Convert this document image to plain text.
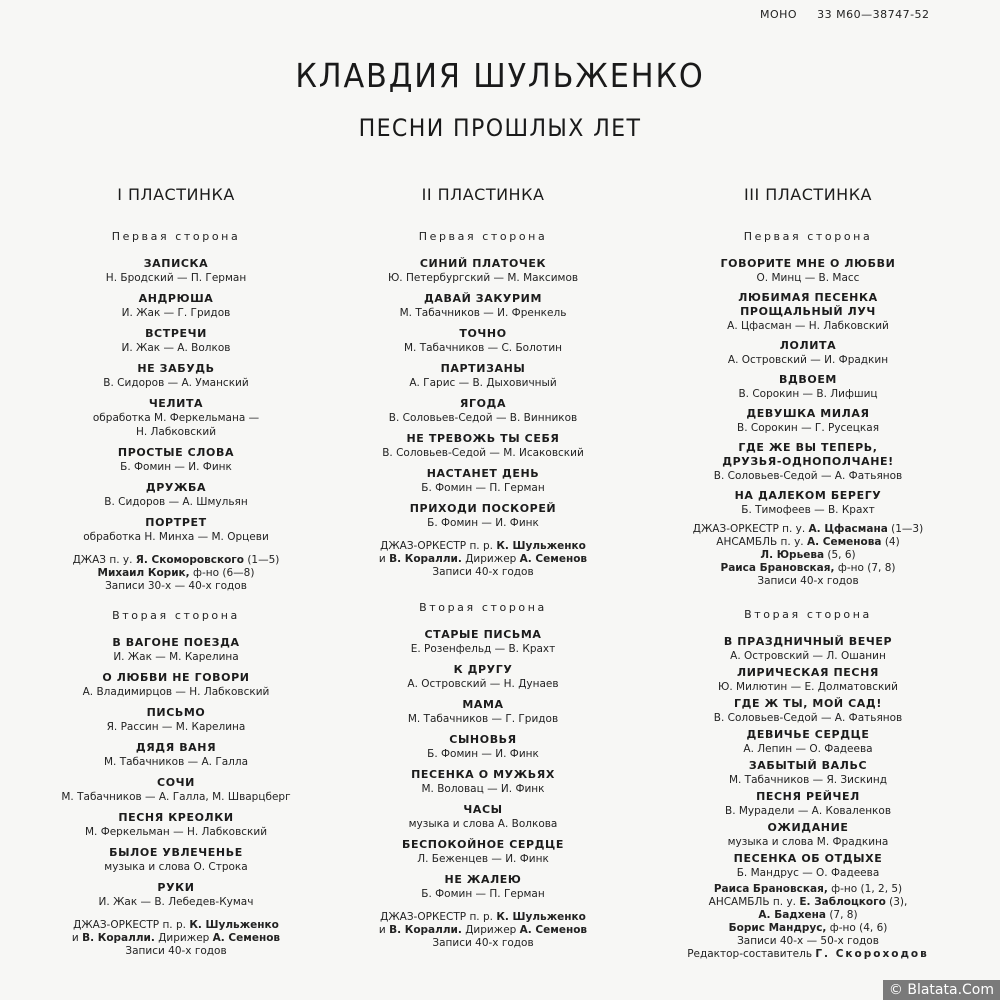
МОНО 33 М60—38747-52
КЛАВДИЯ ШУЛЬЖЕНКО
ПЕСНИ ПРОШЛЫХ ЛЕТ
I ПЛАСТИНКА
Первая сторона
ЗАПИСКА
Н. Бродский — П. Герман
АНДРЮША
И. Жак — Г. Гридов
ВСТРЕЧИ
И. Жак — А. Волков
НЕ ЗАБУДЬ
В. Сидоров — А. Уманский
ЧЕЛИТА
обработка М. Феркельмана —
Н. Лабковский
ПРОСТЫЕ СЛОВА
Б. Фомин — И. Финк
ДРУЖБА
В. Сидоров — А. Шмульян
ПОРТРЕТ
обработка Н. Минха — М. Орцеви
ДЖАЗ п. у. Я. Скоморовского (1—5)
Михаил Корик, ф-но (6—8)
Записи 30-х — 40-х годов
Вторая сторона
В ВАГОНЕ ПОЕЗДА
И. Жак — М. Карелина
О ЛЮБВИ НЕ ГОВОРИ
А. Владимирцов — Н. Лабковский
ПИСЬМО
Я. Рассин — М. Карелина
ДЯДЯ ВАНЯ
М. Табачников — А. Галла
СОЧИ
М. Табачников — А. Галла, М. Шварцберг
ПЕСНЯ КРЕОЛКИ
М. Феркельман — Н. Лабковский
БЫЛОЕ УВЛЕЧЕНЬЕ
музыка и слова О. Строка
РУКИ
И. Жак — В. Лебедев-Кумач
ДЖАЗ-ОРКЕСТР п. р. К. Шульженко
и В. Коралли. Дирижер А. Семенов
Записи 40-х годов
II ПЛАСТИНКА
Первая сторона
СИНИЙ ПЛАТОЧЕК
Ю. Петербургский — М. Максимов
ДАВАЙ ЗАКУРИМ
М. Табачников — И. Френкель
ТОЧНО
М. Табачников — С. Болотин
ПАРТИЗАНЫ
А. Гарис — В. Дыховичный
ЯГОДА
В. Соловьев-Седой — В. Винников
НЕ ТРЕВОЖЬ ТЫ СЕБЯ
В. Соловьев-Седой — М. Исаковский
НАСТАНЕТ ДЕНЬ
Б. Фомин — П. Герман
ПРИХОДИ ПОСКОРЕЙ
Б. Фомин — И. Финк
ДЖАЗ-ОРКЕСТР п. р. К. Шульженко
и В. Коралли. Дирижер А. Семенов
Записи 40-х годов
Вторая сторона
СТАРЫЕ ПИСЬМА
Е. Розенфельд — В. Крахт
К ДРУГУ
А. Островский — Н. Дунаев
МАМА
М. Табачников — Г. Гридов
СЫНОВЬЯ
Б. Фомин — И. Финк
ПЕСЕНКА О МУЖЬЯХ
М. Воловац — И. Финк
ЧАСЫ
музыка и слова А. Волкова
БЕСПОКОЙНОЕ СЕРДЦЕ
Л. Беженцев — И. Финк
НЕ ЖАЛЕЮ
Б. Фомин — П. Герман
ДЖАЗ-ОРКЕСТР п. р. К. Шульженко
и В. Коралли. Дирижер А. Семенов
Записи 40-х годов
III ПЛАСТИНКА
Первая сторона
ГОВОРИТЕ МНЕ О ЛЮБВИ
О. Минц — В. Масс
ЛЮБИМАЯ ПЕСЕНКА
ПРОЩАЛЬНЫЙ ЛУЧ
А. Цфасман — Н. Лабковский
ЛОЛИТА
А. Островский — И. Фрадкин
ВДВОЕМ
В. Сорокин — В. Лифшиц
ДЕВУШКА МИЛАЯ
В. Сорокин — Г. Русецкая
ГДЕ ЖЕ ВЫ ТЕПЕРЬ,
ДРУЗЬЯ-ОДНОПОЛЧАНЕ!
В. Соловьев-Седой — А. Фатьянов
НА ДАЛЕКОМ БЕРЕГУ
Б. Тимофеев — В. Крахт
ДЖАЗ-ОРКЕСТР п. у. А. Цфасмана (1—3)
АНСАМБЛЬ п. у. А. Семенова (4)
Л. Юрьева (5, 6)
Раиса Брановская, ф-но (7, 8)
Записи 40-х годов
Вторая сторона
В ПРАЗДНИЧНЫЙ ВЕЧЕР
А. Островский — Л. Ошанин
ЛИРИЧЕСКАЯ ПЕСНЯ
Ю. Милютин — Е. Долматовский
ГДЕ Ж ТЫ, МОЙ САД!
В. Соловьев-Седой — А. Фатьянов
ДЕВИЧЬЕ СЕРДЦЕ
А. Лепин — О. Фадеева
ЗАБЫТЫЙ ВАЛЬС
М. Табачников — Я. Зискинд
ПЕСНЯ РЕЙЧЕЛ
В. Мурадели — А. Коваленков
ОЖИДАНИЕ
музыка и слова М. Фрадкина
ПЕСЕНКА ОБ ОТДЫХЕ
Б. Мандрус — О. Фадеева
Раиса Брановская, ф-но (1, 2, 5)
АНСАМБЛЬ п. у. Е. Заблоцкого (3),
А. Бадхена (7, 8)
Борис Мандрус, ф-но (4, 6)
Записи 40-х — 50-х годов
Редактор-составитель Г. Скороходов
© Blatata.Com
